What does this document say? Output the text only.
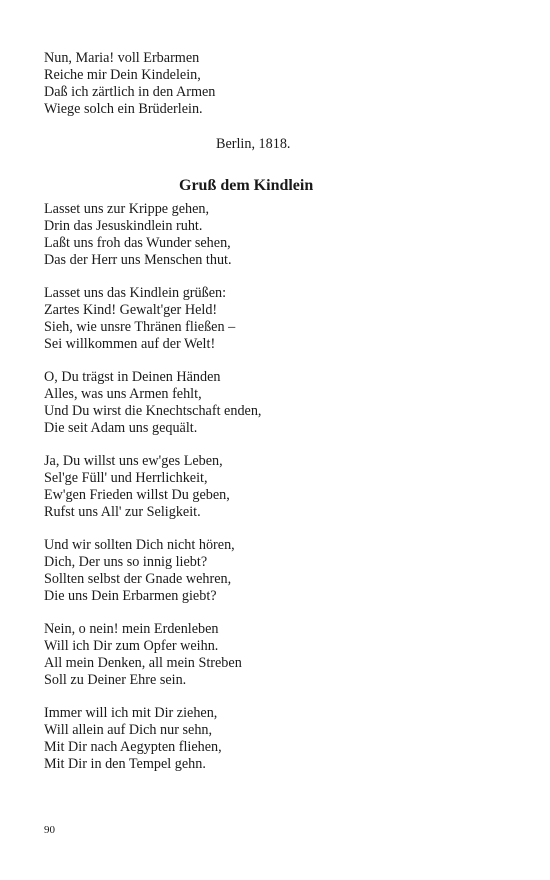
Nun, Maria! voll Erbarmen
Reiche mir Dein Kindelein,
Daß ich zärtlich in den Armen
Wiege solch ein Brüderlein.
Berlin, 1818.
Gruß dem Kindlein
Lasset uns zur Krippe gehen,
Drin das Jesuskindlein ruht.
Laßt uns froh das Wunder sehen,
Das der Herr uns Menschen thut.
Lasset uns das Kindlein grüßen:
Zartes Kind! Gewalt'ger Held!
Sieh, wie unsre Thränen fließen –
Sei willkommen auf der Welt!
O, Du trägst in Deinen Händen
Alles, was uns Armen fehlt,
Und Du wirst die Knechtschaft enden,
Die seit Adam uns gequält.
Ja, Du willst uns ew'ges Leben,
Sel'ge Füll' und Herrlichkeit,
Ew'gen Frieden willst Du geben,
Rufst uns All' zur Seligkeit.
Und wir sollten Dich nicht hören,
Dich, Der uns so innig liebt?
Sollten selbst der Gnade wehren,
Die uns Dein Erbarmen giebt?
Nein, o nein! mein Erdenleben
Will ich Dir zum Opfer weihn.
All mein Denken, all mein Streben
Soll zu Deiner Ehre sein.
Immer will ich mit Dir ziehen,
Will allein auf Dich nur sehn,
Mit Dir nach Aegypten fliehen,
Mit Dir in den Tempel gehn.
90
